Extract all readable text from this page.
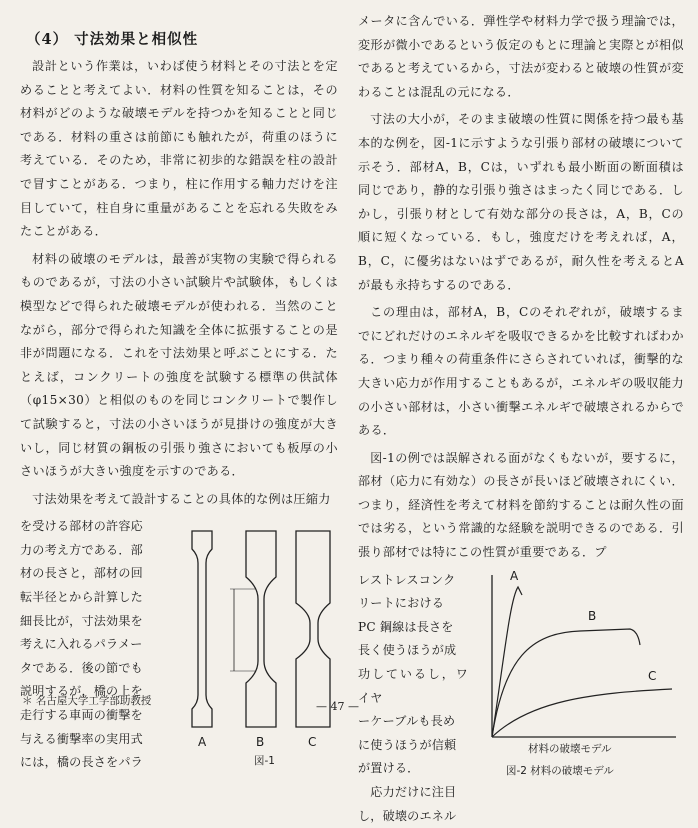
（4） 寸法効果と相似性

設計という作業は，いわば使う材料とその寸法とを定めることと考えてよい．材料の性質を知ることは，その材料がどのような破壊モデルを持つかを知ることと同じである．材料の重さは前節にも触れたが，荷重のほうに考えている．そのため，非常に初歩的な錯誤を柱の設計で冒すことがある．つまり，柱に作用する軸力だけを注目していて，柱自身に重量があることを忘れる失敗をみたことがある．

材料の破壊のモデルは，最善が実物の実験で得られるものであるが，寸法の小さい試験片や試験体，もしくは模型などで得られた破壊モデルが使われる．当然のことながら，部分で得られた知識を全体に拡張することの是非が問題になる．これを寸法効果と呼ぶことにする．たとえば，コンクリートの強度を試験する標準の供試体（φ15×30）と相似のものを同じコンクリートで製作して試験すると，寸法の小さいほうが見掛けの強度が大きいし，同じ材質の鋼板の引張り強さにおいても板厚の小さいほうが大きい強度を示すのである．

寸法効果を考えて設計することの具体的な例は圧縮力

を受ける部材の許容応

力の考え方である．部

材の長さと，部材の回

転半径とから計算した

細長比が，寸法効果を

考えに入れるパラメー

タである．後の節でも

説明するが，橋の上を

走行する車両の衝撃を

与える衝撃率の実用式

には，橋の長さをパラ

A	B	C
図-1

メータに含んでいる．弾性学や材料力学で扱う理論では，変形が微小であるという仮定のもとに理論と実際とが相似であると考えているから，寸法が変わると破壊の性質が変わることは混乱の元になる．

寸法の大小が，そのまま破壊の性質に関係を持つ最も基本的な例を，図-1に示すような引張り部材の破壊について示そう．部材A，B，Cは，いずれも最小断面の断面積は同じであり，静的な引張り強さはまったく同じである．しかし，引張り材として有効な部分の長さは，A，B，Cの順に短くなっている．もし，強度だけを考えれば，A，B，C，に優劣はないはずであるが，耐久性を考えるとAが最も永持ちするのである．

この理由は，部材A，B，Cのそれぞれが，破壊するまでにどれだけのエネルギを吸収できるかを比較すればわかる．つまり種々の荷重条件にさらされていれば，衝撃的な大きい応力が作用することもあるが，エネルギの吸収能力の小さい部材は，小さい衝撃エネルギで破壊されるからである．

図-1の例では誤解される面がなくもないが，要するに，部材（応力に有効な）の長さが長いほど破壊されにくい．つまり，経済性を考えて材料を節約することは耐久性の面では劣る，という常識的な経験を説明できるのである．引張り部材では特にこの性質が重要である．プ

レストレスコンク

リートにおける

PC 鋼線は長さを

長く使うほうが成

功しているし，ワイヤ

ーケーブルも長め

に使うほうが信頼

が置ける．

　応力だけに注目

し，破壊のエネル

A
B
C
材料の破壊モデル
図-2 材料の破壊モデル
＊ 名古屋大学工学部助教授	— 47 —
